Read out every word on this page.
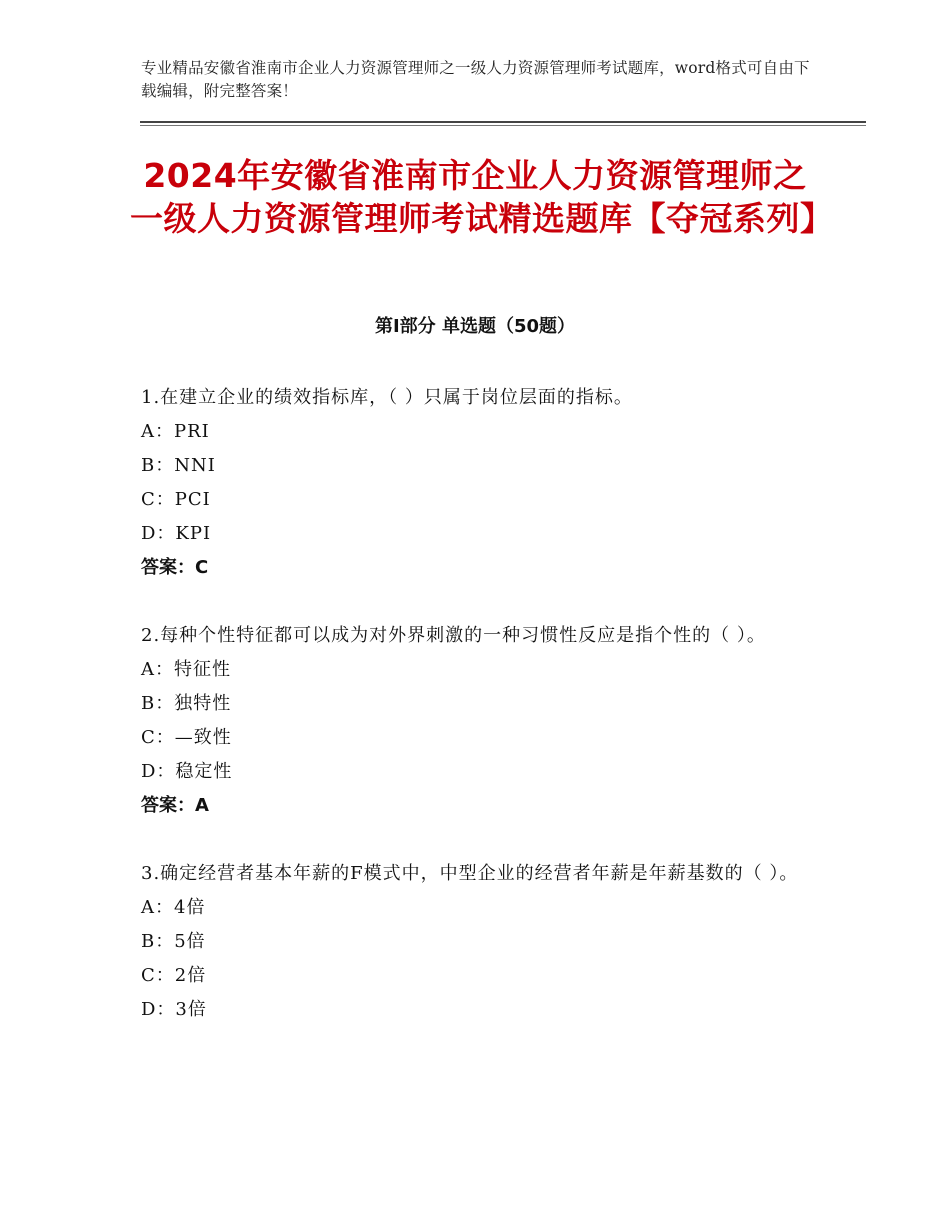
专业精品安徽省淮南市企业人力资源管理师之一级人力资源管理师考试题库，word格式可自由下载编辑，附完整答案！
2024年安徽省淮南市企业人力资源管理师之一级人力资源管理师考试精选题库【夺冠系列】
第Ⅰ部分 单选题（50题）
1.在建立企业的绩效指标库，（ ）只属于岗位层面的指标。
A：PRI
B：NNI
C：PCI
D：KPI
答案：C
2.每种个性特征都可以成为对外界刺激的一种习惯性反应是指个性的（ ）。
A：特征性
B：独特性
C：—致性
D：稳定性
答案：A
3.确定经营者基本年薪的F模式中，中型企业的经营者年薪是年薪基数的（ ）。
A：4倍
B：5倍
C：2倍
D：3倍
